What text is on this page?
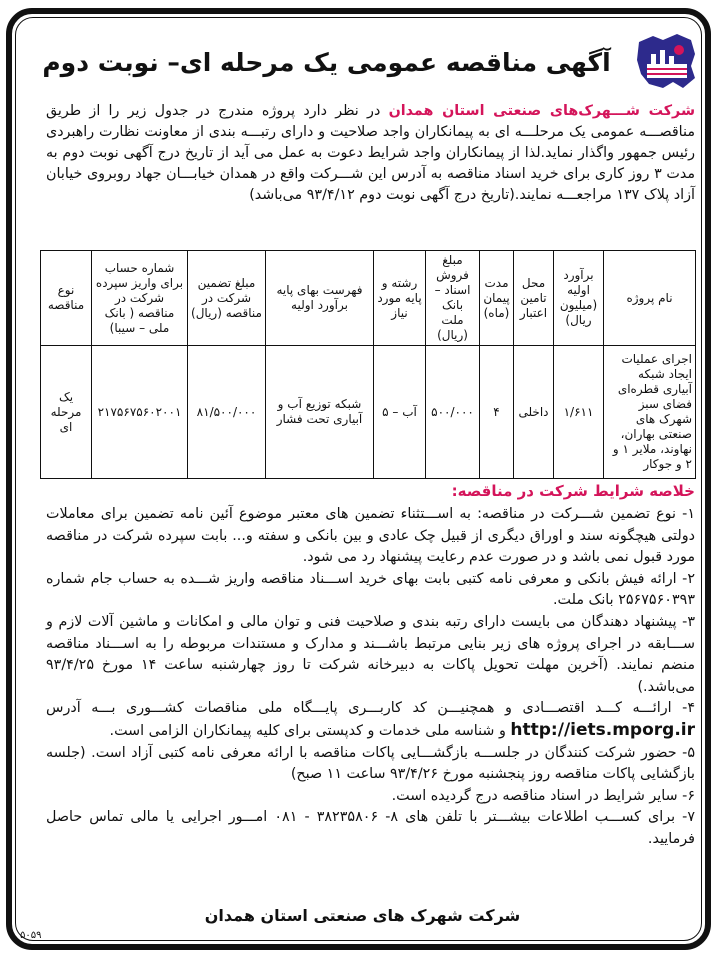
آگهی مناقصه عمومی یک مرحله ای– نوبت دوم
شرکت شـــهرک‌های صنعتی استان همدان در نظر دارد پروژه مندرج در جدول زیر را از طریق مناقصـــه عمومی یک مرحلـــه ای به پیمانکاران واجد صلاحیت و دارای رتبـــه بندی از معاونت نظارت راهبردی رئیس جمهور واگذار نماید.لذا از پیمانکاران واجد شرایط دعوت به عمل می آید از تاریخ درج آگهی نوبت دوم به مدت ۳ روز کاری برای خرید اسناد مناقصه به آدرس این شـــرکت واقع در همدان خیابـــان جهاد روبروی خیابان آزاد پلاک ۱۳۷ مراجعـــه نمایند.(تاریخ درج آگهی نوبت دوم ۹۳/۴/۱۲ می‌باشد)
نام پروژه	برآورد اولیه (میلیون ریال)	محل تامین اعتبار	مدت پیمان (ماه)	مبلغ فروش اسناد – بانک ملت (ریال)	رشته و پایه مورد نیاز	فهرست بهای پایه برآورد اولیه	مبلغ تضمین شرکت در مناقصه (ریال)	شماره حساب برای واریز سپرده شرکت در مناقصه ( بانک ملی – سیبا)	نوع مناقصه
اجرای عملیات ایجاد شبکه آبیاری قطره‌ای فضای سبز شهرک های صنعتی بهاران، نهاوند، ملایر ۱ و ۲ و جوکار	۱/۶۱۱	داخلی	۴	۵۰۰/۰۰۰	آب – ۵	شبکه توزیع آب و آبیاری تحت فشار	۸۱/۵۰۰/۰۰۰	۲۱۷۵۶۷۵۶۰۲۰۰۱	یک مرحله ای
خلاصه شرایط شرکت در مناقصه:

۱- نوع تضمین شـــرکت در مناقصه: به اســـتثناء تضمین های معتبر موضوع آئین نامه تضمین برای معاملات دولتی هیچگونه سند و اوراق دیگری از قبیل چک عادی و بین بانکی و سفته و... بابت سپرده شرکت در مناقصه مورد قبول نمی باشد و در صورت عدم رعایت پیشنهاد رد می شود.

۲- ارائه فیش بانکی و معرفی نامه کتبی بابت بهای خرید اســـناد مناقصه واریز شـــده به حساب جام شماره ۲۵۶۷۵۶۰۳۹۳ بانک ملت.

۳- پیشنهاد دهندگان می بایست دارای رتبه بندی و صلاحیت فنی و توان مالی و امکانات و ماشین آلات لازم و ســـابقه در اجرای پروژه های زیر بنایی مرتبط باشـــند و مدارک و مستندات مربوطه را به اســـناد مناقصه منضم نمایند. (آخرین مهلت تحویل پاکات به دبیرخانه شرکت تا روز چهارشنبه ساعت ۱۴ مورخ ۹۳/۴/۲۵ می‌باشد.)

۴- ارائـــه کـــد اقتصـــادی و همچنیـــن کد کاربـــری پایـــگاه ملی مناقصات کشـــوری بـــه آدرس http://iets.mporg.ir و شناسه ملی خدمات و کدپستی برای کلیه پیمانکاران الزامی است.

۵- حضور شرکت کنندگان در جلســـه بازگشـــایی پاکات مناقصه با ارائه معرفی نامه کتبی آزاد است. (جلسه بازگشایی پاکات مناقصه روز پنجشنبه مورخ ۹۳/۴/۲۶ ساعت ۱۱ صبح)

۶- سایر شرایط در اسناد مناقصه درج گردیده است.

۷- برای کســـب اطلاعات بیشـــتر با تلفن های ۸- ۳۸۲۳۵۸۰۶ - ۰۸۱ امـــور اجرایی یا مالی تماس حاصل فرمایید.

شرکت شهرک های صنعتی استان همدان
۵۰۵۹
